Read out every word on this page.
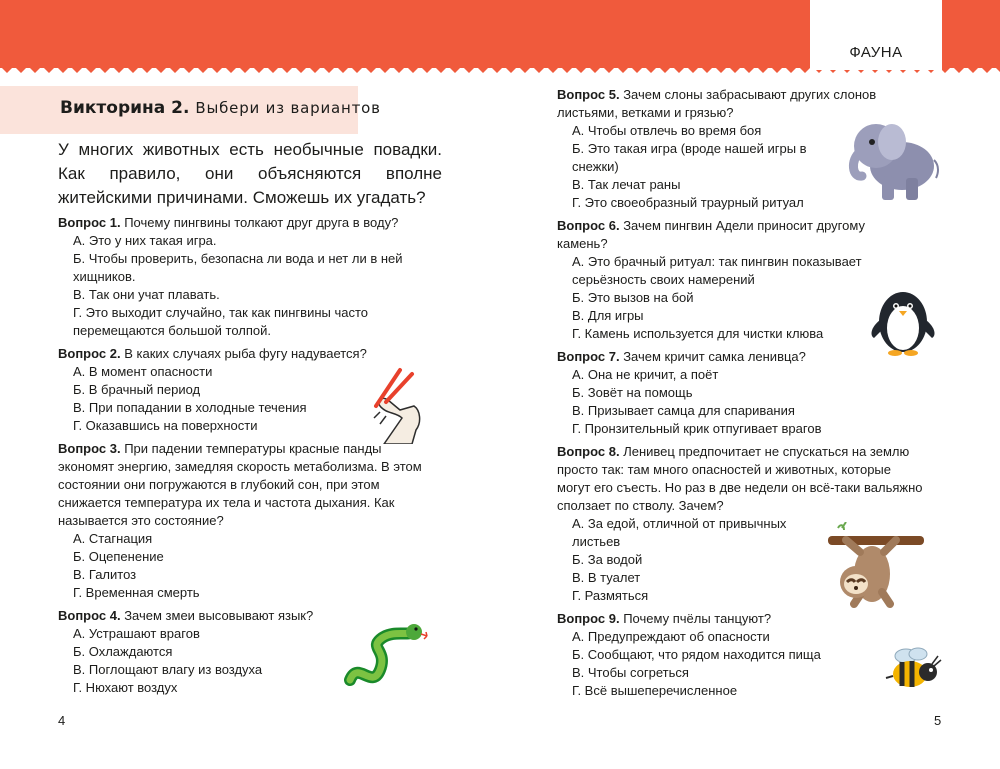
ФАУНА
Викторина 2. Выбери из вариантов
У многих животных есть необычные повадки. Как правило, они объясняются вполне житейскими причинами. Сможешь их угадать?

Вопрос 1. Почему пингвины толкают друг друга в воду?

А. Это у них такая игра.

Б. Чтобы проверить, безопасна ли вода и нет ли в ней хищников.

В. Так они учат плавать.

Г. Это выходит случайно, так как пингвины часто перемещаются большой толпой.

Вопрос 2. В каких случаях рыба фугу надувается?

А. В момент опасности

Б. В брачный период

В. При попадании в холодные течения

Г. Оказавшись на поверхности

Вопрос 3. При падении температуры красные панды экономят энергию, замедляя скорость метаболизма. В этом состоянии они погружаются в глубокий сон, при этом снижается температура их тела и частота дыхания. Как называется это состояние?

А. Стагнация

Б. Оцепенение

В. Галитоз

Г. Временная смерть

Вопрос 4. Зачем змеи высовывают язык?

А. Устрашают врагов

Б. Охлаждаются

В. Поглощают влагу из воздуха

Г. Нюхают воздух

Вопрос 5. Зачем слоны забрасывают других слонов листьями, ветками и грязью?

А. Чтобы отвлечь во время боя

Б. Это такая игра (вроде нашей игры в снежки)

В. Так лечат раны

Г. Это своеобразный траурный ритуал

Вопрос 6. Зачем пингвин Адели приносит другому камень?

А. Это брачный ритуал: так пингвин показывает серьёзность своих намерений

Б. Это вызов на бой

В. Для игры

Г. Камень используется для чистки клюва

Вопрос 7. Зачем кричит самка ленивца?

А. Она не кричит, а поёт

Б. Зовёт на помощь

В. Призывает самца для спаривания

Г. Пронзительный крик отпугивает врагов

Вопрос 8. Ленивец предпочитает не спускаться на землю просто так: там много опасностей и животных, которые могут его съесть. Но раз в две недели он всё-таки вальяжно сползает по стволу. Зачем?

А. За едой, отличной от привычных листьев

Б. За водой

В. В туалет

Г. Размяться

Вопрос 9. Почему пчёлы танцуют?

А. Предупреждают об опасности

Б. Сообщают, что рядом находится пища

В. Чтобы согреться

Г. Всё вышеперечисленное

4	5
